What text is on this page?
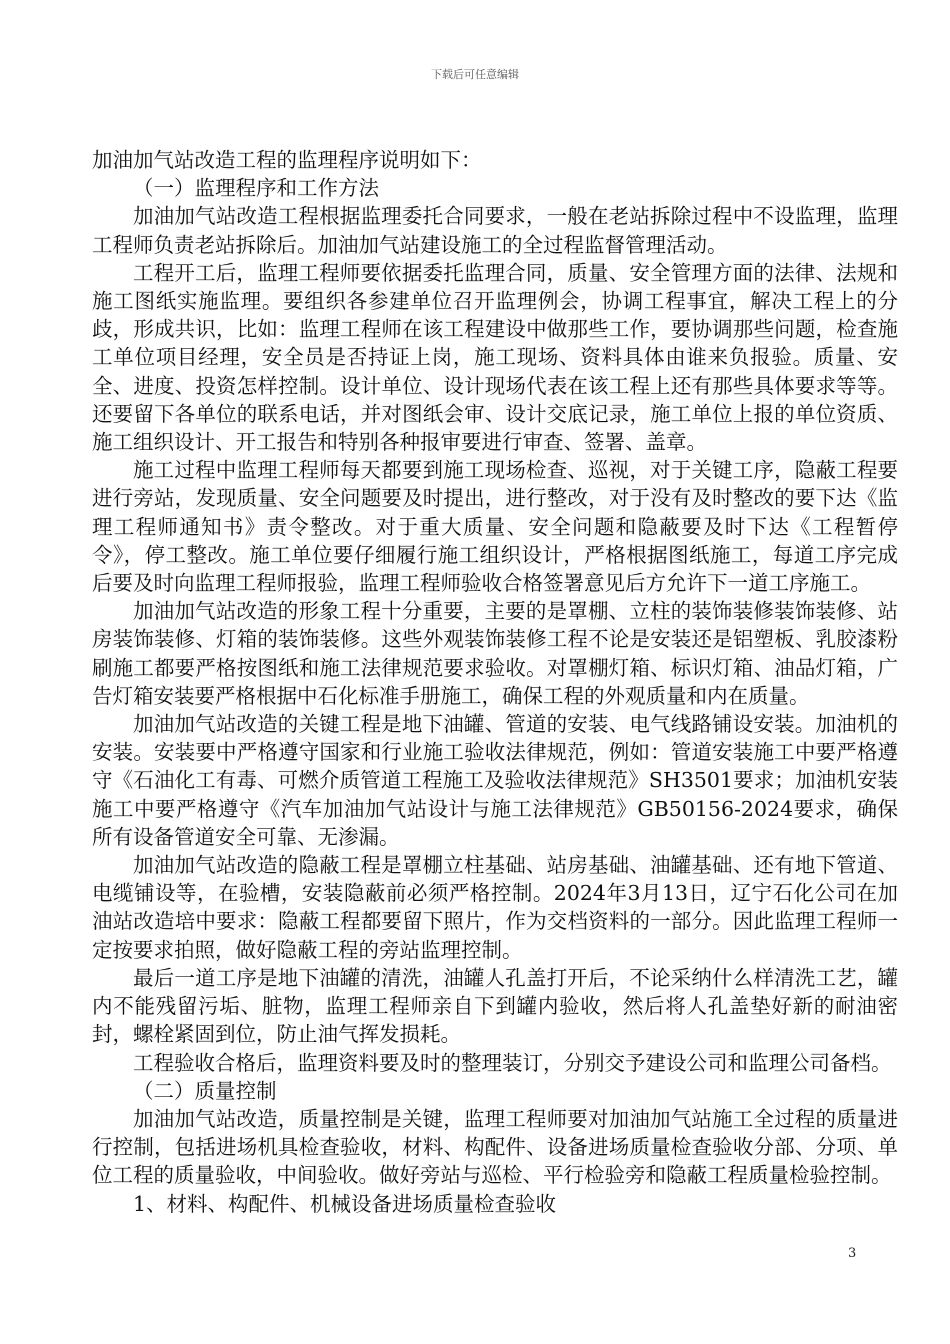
下载后可任意编辑

加油加气站改造工程的监理程序说明如下：

（一）监理程序和工作方法

加油加气站改造工程根据监理委托合同要求，一般在老站拆除过程中不设监理，监理工程师负责老站拆除后。加油加气站建设施工的全过程监督管理活动。

工程开工后，监理工程师要依据委托监理合同，质量、安全管理方面的法律、法规和施工图纸实施监理。要组织各参建单位召开监理例会，协调工程事宜，解决工程上的分歧，形成共识，比如：监理工程师在该工程建设中做那些工作，要协调那些问题，检查施工单位项目经理，安全员是否持证上岗，施工现场、资料具体由谁来负报验。质量、安全、进度、投资怎样控制。设计单位、设计现场代表在该工程上还有那些具体要求等等。还要留下各单位的联系电话，并对图纸会审、设计交底记录，施工单位上报的单位资质、施工组织设计、开工报告和特别各种报审要进行审查、签署、盖章。

施工过程中监理工程师每天都要到施工现场检查、巡视，对于关键工序，隐蔽工程要进行旁站，发现质量、安全问题要及时提出，进行整改，对于没有及时整改的要下达《监理工程师通知书》责令整改。对于重大质量、安全问题和隐蔽要及时下达《工程暂停令》，停工整改。施工单位要仔细履行施工组织设计，严格根据图纸施工，每道工序完成后要及时向监理工程师报验，监理工程师验收合格签署意见后方允许下一道工序施工。

加油加气站改造的形象工程十分重要，主要的是罩棚、立柱的装饰装修装饰装修、站房装饰装修、灯箱的装饰装修。这些外观装饰装修工程不论是安装还是铝塑板、乳胶漆粉刷施工都要严格按图纸和施工法律规范要求验收。对罩棚灯箱、标识灯箱、油品灯箱，广告灯箱安装要严格根据中石化标准手册施工，确保工程的外观质量和内在质量。

加油加气站改造的关键工程是地下油罐、管道的安装、电气线路铺设安装。加油机的安装。安装要中严格遵守国家和行业施工验收法律规范，例如：管道安装施工中要严格遵守《石油化工有毒、可燃介质管道工程施工及验收法律规范》SH3501要求；加油机安装施工中要严格遵守《汽车加油加气站设计与施工法律规范》GB50156-2024要求，确保所有设备管道安全可靠、无渗漏。

加油加气站改造的隐蔽工程是罩棚立柱基础、站房基础、油罐基础、还有地下管道、电缆铺设等，在验槽，安装隐蔽前必须严格控制。2024年3月13日，辽宁石化公司在加油站改造培中要求：隐蔽工程都要留下照片，作为交档资料的一部分。因此监理工程师一定按要求拍照，做好隐蔽工程的旁站监理控制。

最后一道工序是地下油罐的清洗，油罐人孔盖打开后，不论采纳什么样清洗工艺，罐内不能残留污垢、脏物，监理工程师亲自下到罐内验收，然后将人孔盖垫好新的耐油密封，螺栓紧固到位，防止油气挥发损耗。

工程验收合格后，监理资料要及时的整理装订，分别交予建设公司和监理公司备档。

（二）质量控制

加油加气站改造，质量控制是关键，监理工程师要对加油加气站施工全过程的质量进行控制，包括进场机具检查验收，材料、构配件、设备进场质量检查验收分部、分项、单位工程的质量验收，中间验收。做好旁站与巡检、平行检验旁和隐蔽工程质量检验控制。

1、材料、构配件、机械设备进场质量检查验收

3
